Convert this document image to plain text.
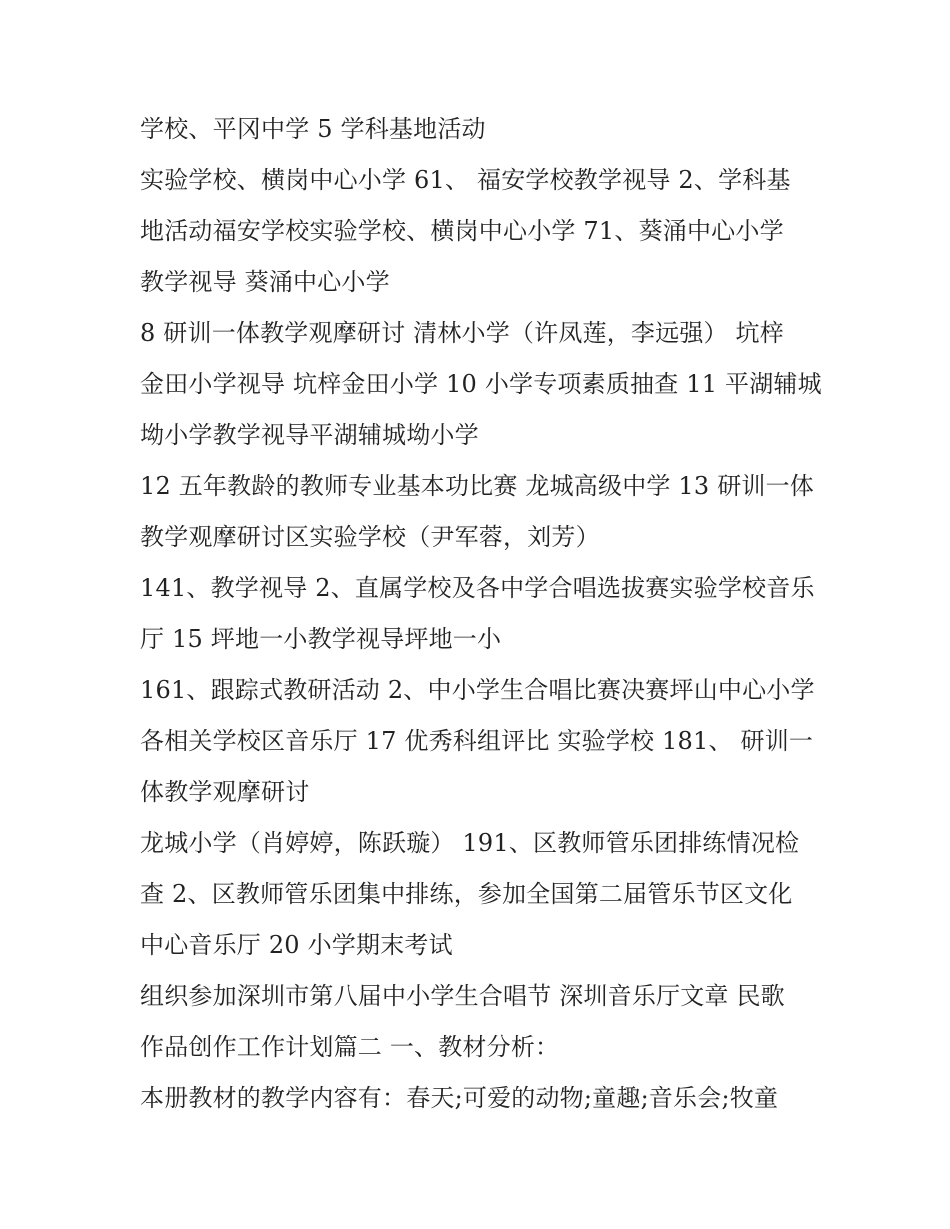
学校、平冈中学 5 学科基地活动
实验学校、横岗中心小学 61、 福安学校教学视导 2、学科基
地活动福安学校实验学校、横岗中心小学 71、葵涌中心小学
教学视导 葵涌中心小学
8 研训一体教学观摩研讨 清林小学（许凤莲，李远强） 坑梓
金田小学视导 坑梓金田小学 10 小学专项素质抽查 11 平湖辅城
坳小学教学视导平湖辅城坳小学
12 五年教龄的教师专业基本功比赛 龙城高级中学 13 研训一体
教学观摩研讨区实验学校（尹军蓉，刘芳）
141、教学视导 2、直属学校及各中学合唱选拔赛实验学校音乐
厅 15 坪地一小教学视导坪地一小
161、跟踪式教研活动 2、中小学生合唱比赛决赛坪山中心小学
各相关学校区音乐厅 17 优秀科组评比 实验学校 181、 研训一
体教学观摩研讨
龙城小学（肖婷婷，陈跃璇） 191、区教师管乐团排练情况检
查 2、区教师管乐团集中排练，参加全国第二届管乐节区文化
中心音乐厅 20 小学期末考试
组织参加深圳市第八届中小学生合唱节 深圳音乐厅文章 民歌
作品创作工作计划篇二 一、教材分析：
本册教材的教学内容有：春天;可爱的动物;童趣;音乐会;牧童
